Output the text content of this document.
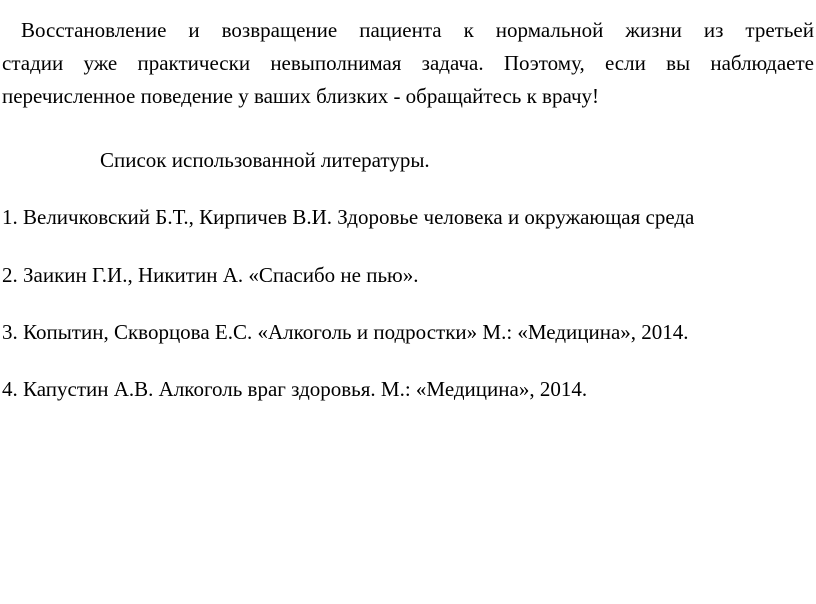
Восстановление и возвращение пациента к нормальной жизни из третьей
стадии уже практически невыполнимая задача. Поэтому, если вы наблюдаете
перечисленное поведение у ваших близких - обращайтесь к врачу!

Список использованной литературы.

1. Величковский Б.Т., Кирпичев В.И. Здоровье человека и окружающая среда

2. Заикин Г.И., Никитин А. «Спасибо не пью».

3. Копытин, Скворцова Е.С. «Алкоголь и подростки» М.: «Медицина», 2014.

4. Капустин А.В. Алкоголь враг здоровья. М.: «Медицина», 2014.
